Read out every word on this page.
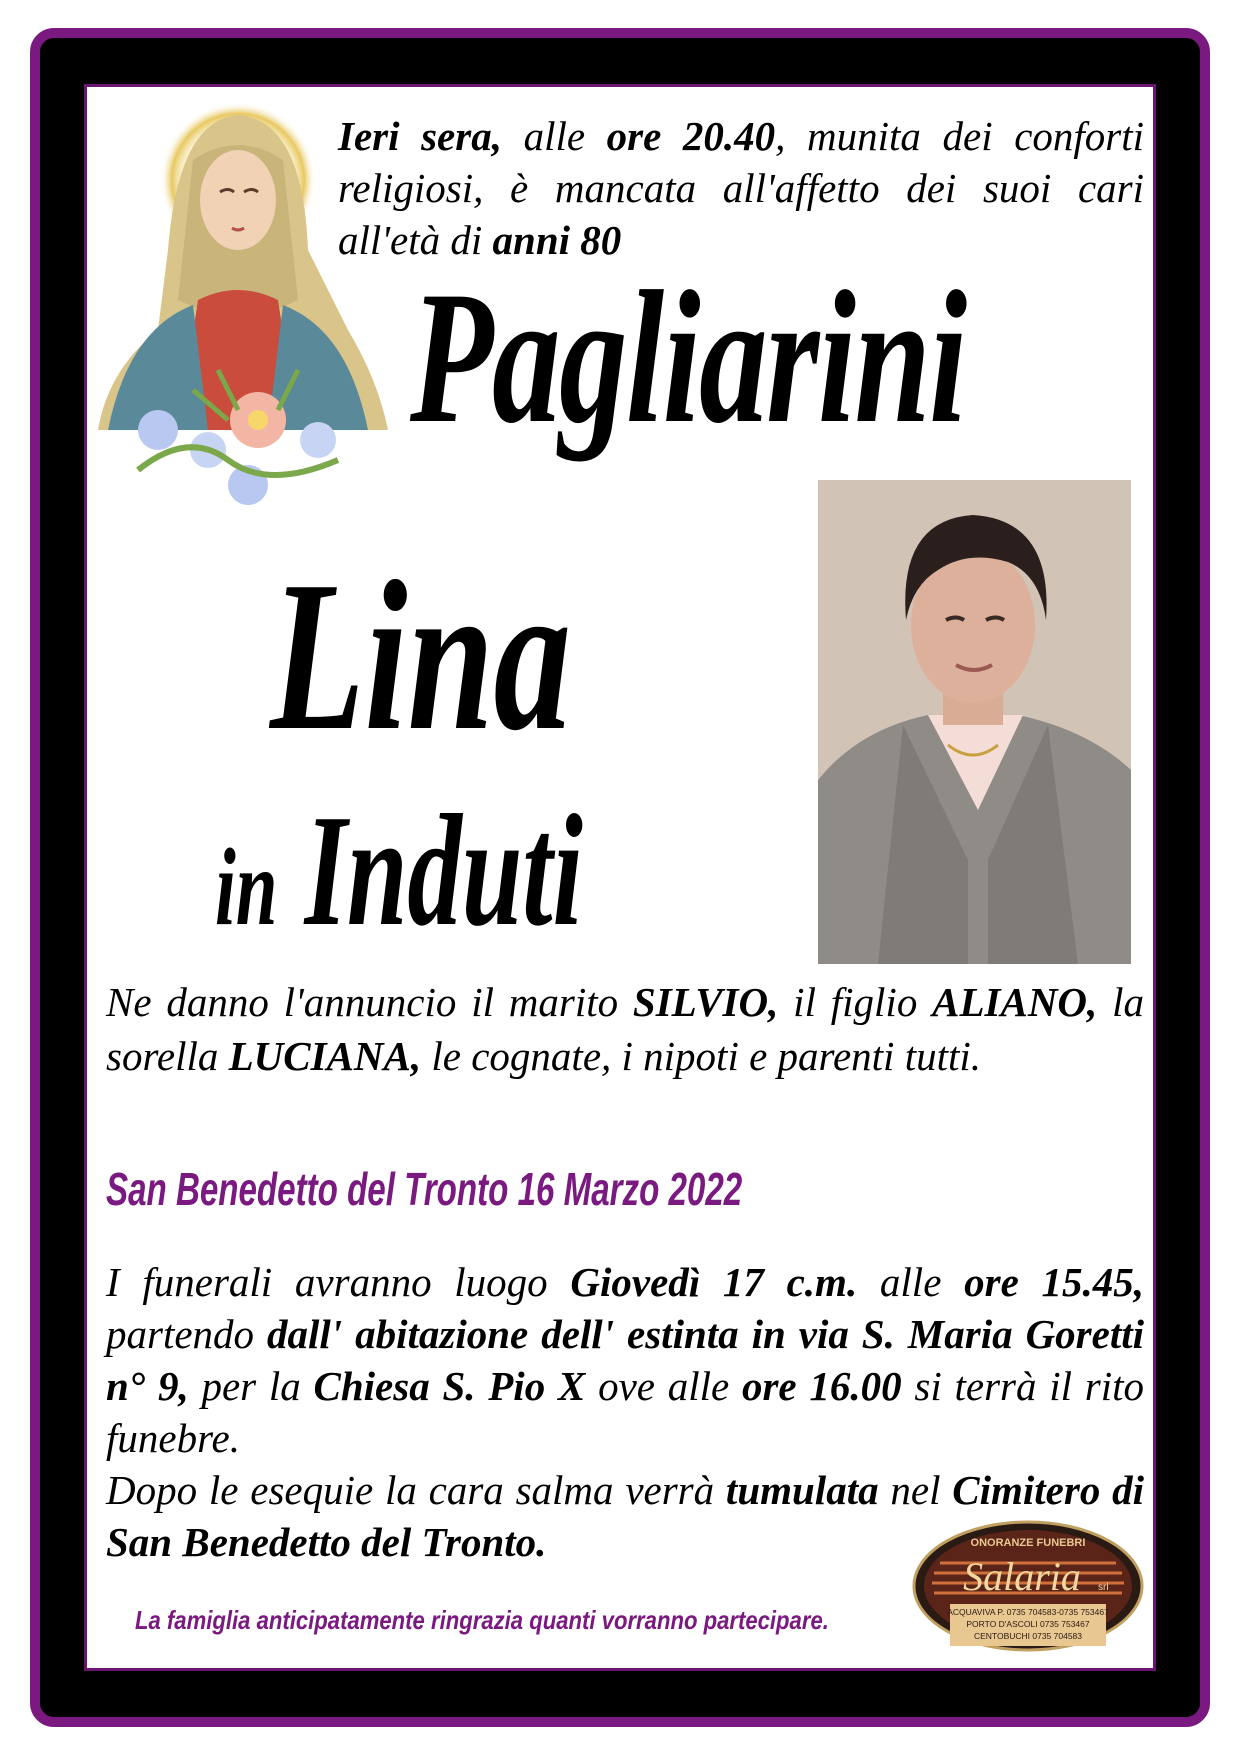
Ieri sera, alle ore 20.40, munita dei conforti religiosi, è mancata all'affetto dei suoi cari all'età di anni 80
Pagliarini
Lina
in Induti
Ne danno l'annuncio il marito SILVIO, il figlio ALIANO, la sorella LUCIANA, le cognate, i nipoti e parenti tutti.
San Benedetto del Tronto 16 Marzo 2022

I funerali avranno luogo Giovedì 17 c.m. alle ore 15.45, partendo dall' abitazione dell' estinta in via S. Maria Goretti n° 9, per la Chiesa S. Pio X ove alle ore 16.00 si terrà il rito funebre.

Dopo le esequie la cara salma verrà tumulata nel Cimitero di San Benedetto del Tronto.

La famiglia anticipatamente ringrazia quanti vorranno partecipare.
ONORANZE FUNEBRI
Salaria srl
ACQUAVIVA P. 0735 704583-0735 753467
PORTO D'ASCOLI 0735 753467
CENTOBUCHI 0735 704583
